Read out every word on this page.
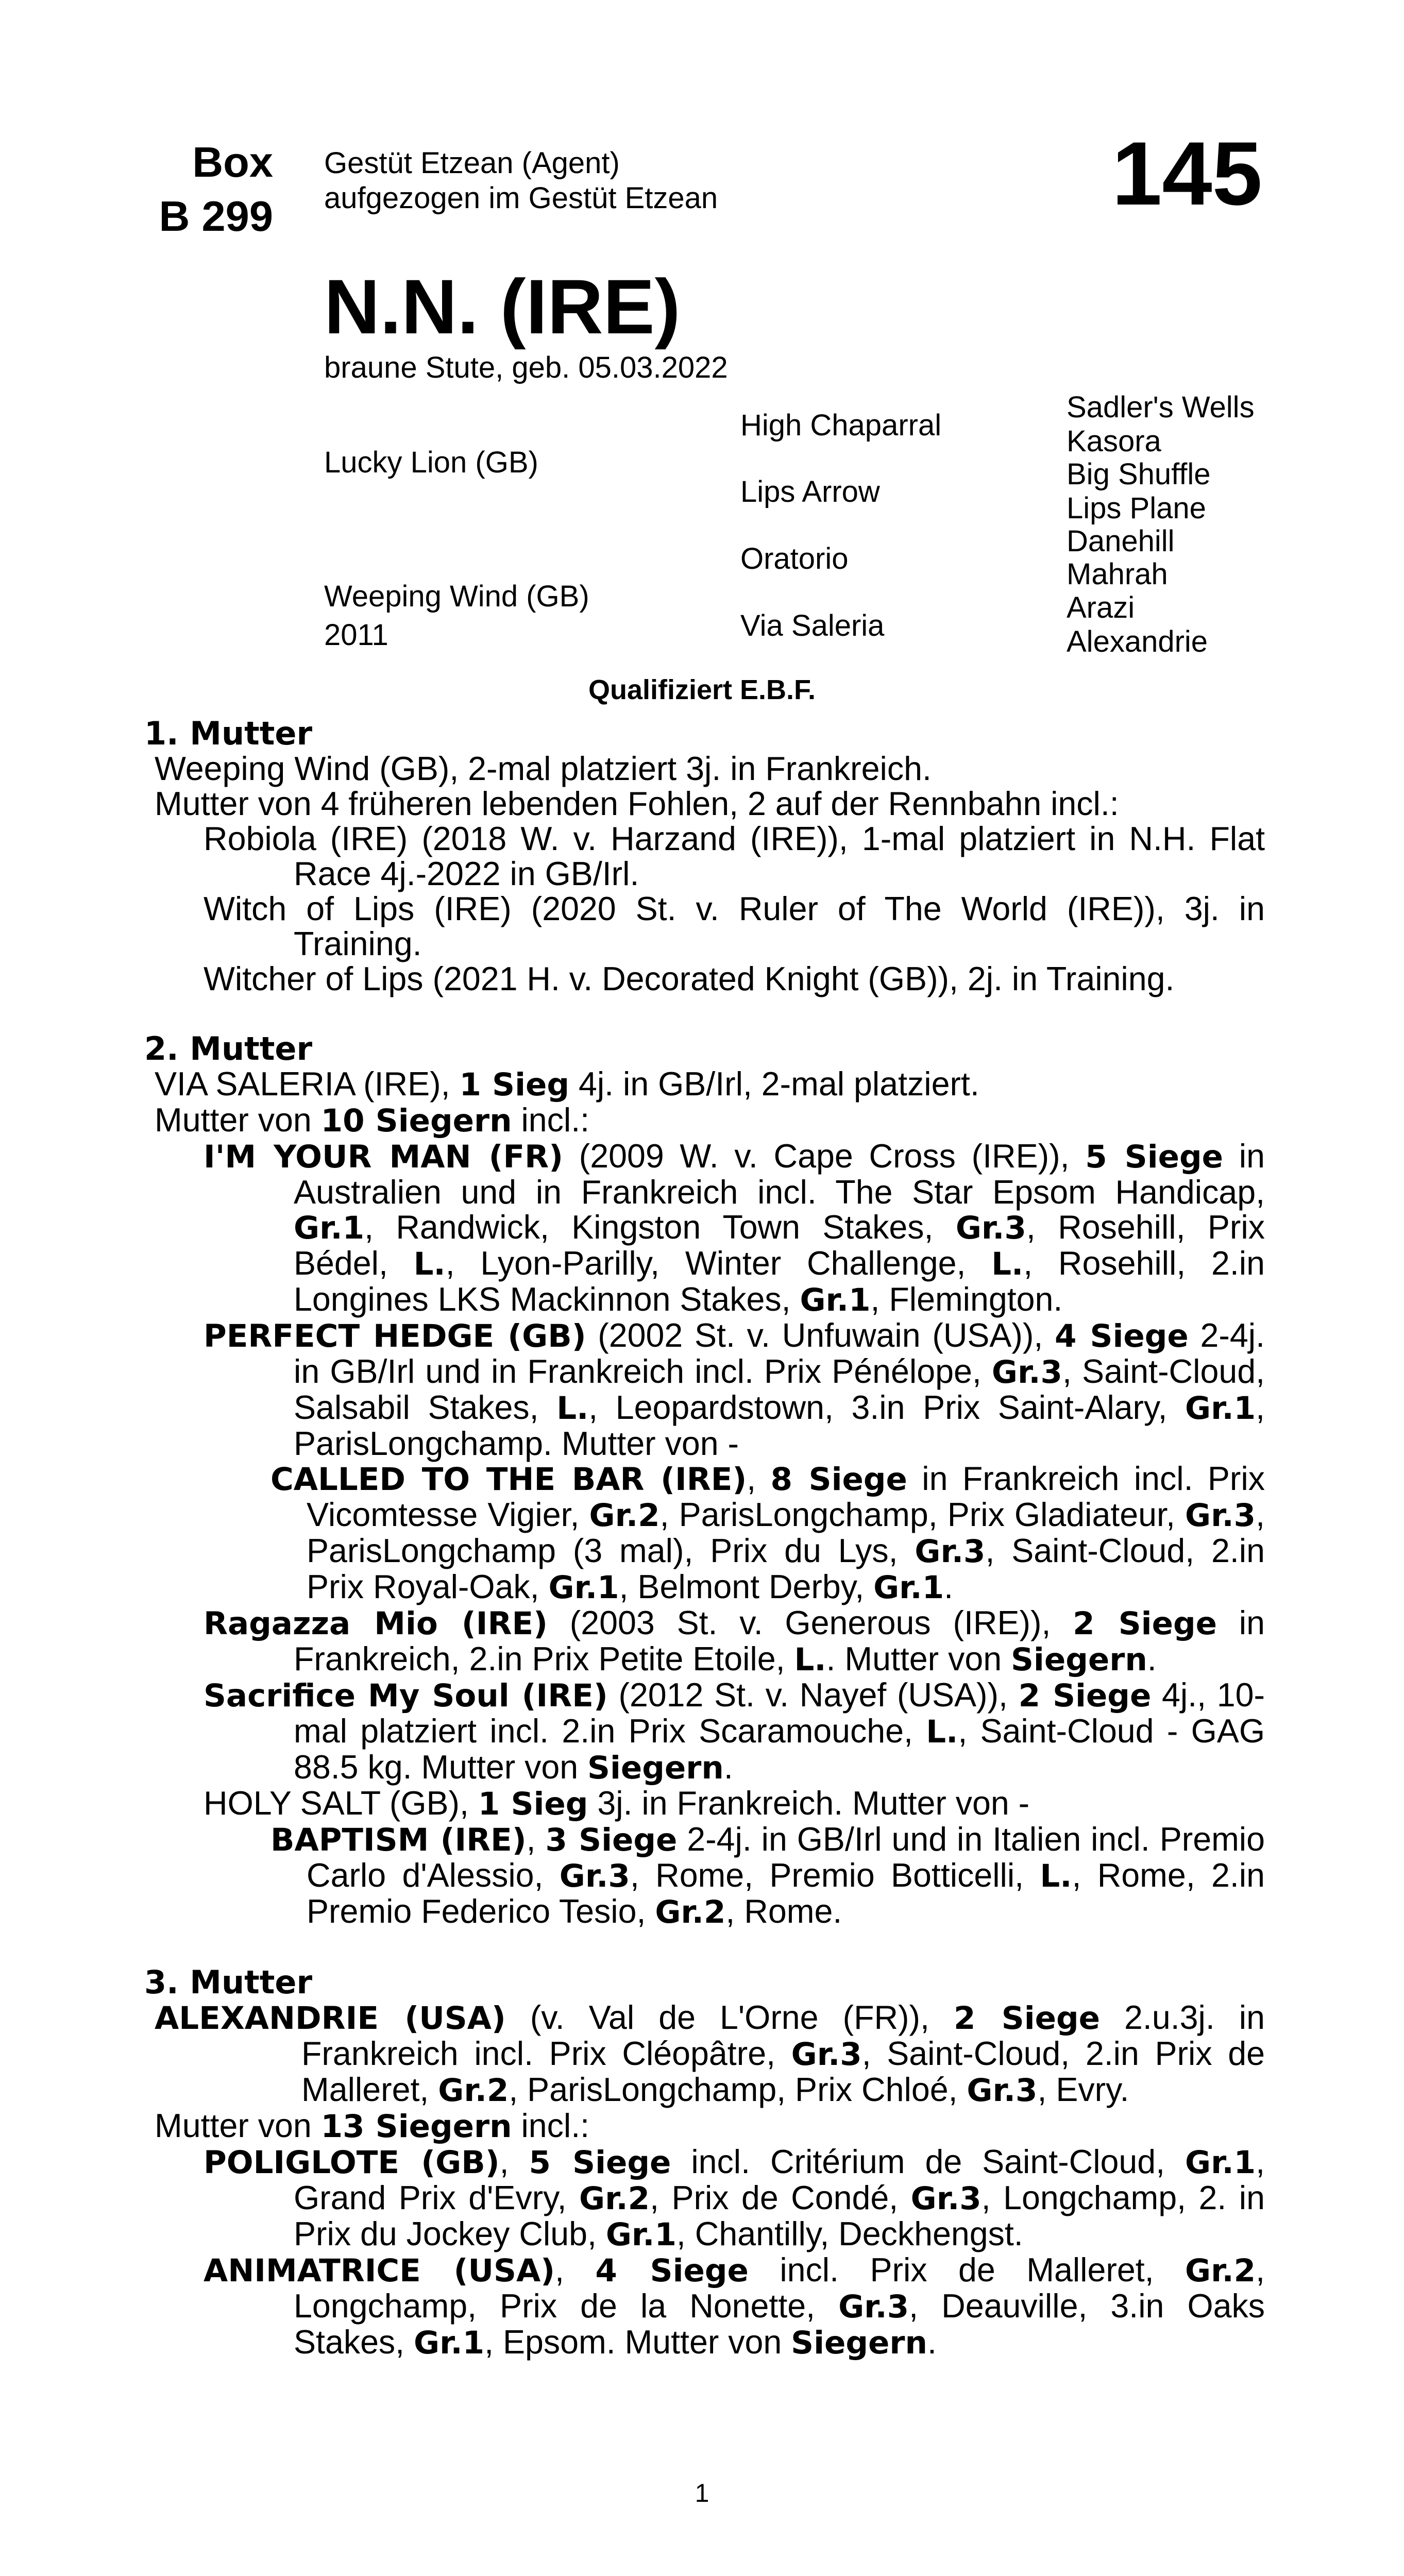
Box
B 299
Gestüt Etzean (Agent)
aufgezogen im Gestüt Etzean	145
N.N. (IRE)
braune Stute, geb. 05.03.2022
Lucky Lion (GB)
Weeping Wind (GB)
2011
High Chaparral
Lips Arrow
Oratorio
Via Saleria
Sadler's Wells
Kasora
Big Shuffle
Lips Plane
Danehill
Mahrah
Arazi
Alexandrie
Qualifiziert E.B.F.
1. Mutter
Weeping Wind (GB), 2-mal platziert 3j. in Frankreich.
Mutter von 4 früheren lebenden Fohlen, 2 auf der Rennbahn incl.:
Robiola (IRE) (2018 W. v. Harzand (IRE)), 1-mal platziert in N.H. Flat Race 4j.-2022 in GB/Irl.
Witch of Lips (IRE) (2020 St. v. Ruler of The World (IRE)), 3j. in Training.
Witcher of Lips (2021 H. v. Decorated Knight (GB)), 2j. in Training.
2. Mutter
VIA SALERIA (IRE), 1 Sieg 4j. in GB/Irl, 2-mal platziert.
Mutter von 10 Siegern incl.:
I'M YOUR MAN (FR) (2009 W. v. Cape Cross (IRE)), 5 Siege in Australien und in Frankreich incl. The Star Epsom Handicap, Gr.1, Randwick, Kingston Town Stakes, Gr.3, Rosehill, Prix Bédel, L., Lyon-Parilly, Winter Challenge, L., Rosehill, 2.in Longines LKS Mackinnon Stakes, Gr.1, Flemington.
PERFECT HEDGE (GB) (2002 St. v. Unfuwain (USA)), 4 Siege 2-4j. in GB/Irl und in Frankreich incl. Prix Pénélope, Gr.3, Saint-Cloud, Salsabil Stakes, L., Leopardstown, 3.in Prix Saint-Alary, Gr.1, ParisLongchamp. Mutter von -
CALLED TO THE BAR (IRE), 8 Siege in Frankreich incl. Prix Vicomtesse Vigier, Gr.2, ParisLongchamp, Prix Gladiateur, Gr.3, ParisLongchamp (3 mal), Prix du Lys, Gr.3, Saint-Cloud, 2.in Prix Royal-Oak, Gr.1, Belmont Derby, Gr.1.
Ragazza Mio (IRE) (2003 St. v. Generous (IRE)), 2 Siege in Frankreich, 2.in Prix Petite Etoile, L.. Mutter von Siegern.
Sacrifice My Soul (IRE) (2012 St. v. Nayef (USA)), 2 Siege 4j., 10-mal platziert incl. 2.in Prix Scaramouche, L., Saint-Cloud - GAG 88.5 kg. Mutter von Siegern.
HOLY SALT (GB), 1 Sieg 3j. in Frankreich. Mutter von -
BAPTISM (IRE), 3 Siege 2-4j. in GB/Irl und in Italien incl. Premio Carlo d'Alessio, Gr.3, Rome, Premio Botticelli, L., Rome, 2.in Premio Federico Tesio, Gr.2, Rome.
3. Mutter
ALEXANDRIE (USA) (v. Val de L'Orne (FR)), 2 Siege 2.u.3j. in Frankreich incl. Prix Cléopâtre, Gr.3, Saint-Cloud, 2.in Prix de Malleret, Gr.2, ParisLongchamp, Prix Chloé, Gr.3, Evry.
Mutter von 13 Siegern incl.:
POLIGLOTE (GB), 5 Siege incl. Critérium de Saint-Cloud, Gr.1, Grand Prix d'Evry, Gr.2, Prix de Condé, Gr.3, Longchamp, 2. in Prix du Jockey Club, Gr.1, Chantilly, Deckhengst.
ANIMATRICE (USA), 4 Siege incl. Prix de Malleret, Gr.2, Longchamp, Prix de la Nonette, Gr.3, Deauville, 3.in Oaks Stakes, Gr.1, Epsom. Mutter von Siegern.
1
